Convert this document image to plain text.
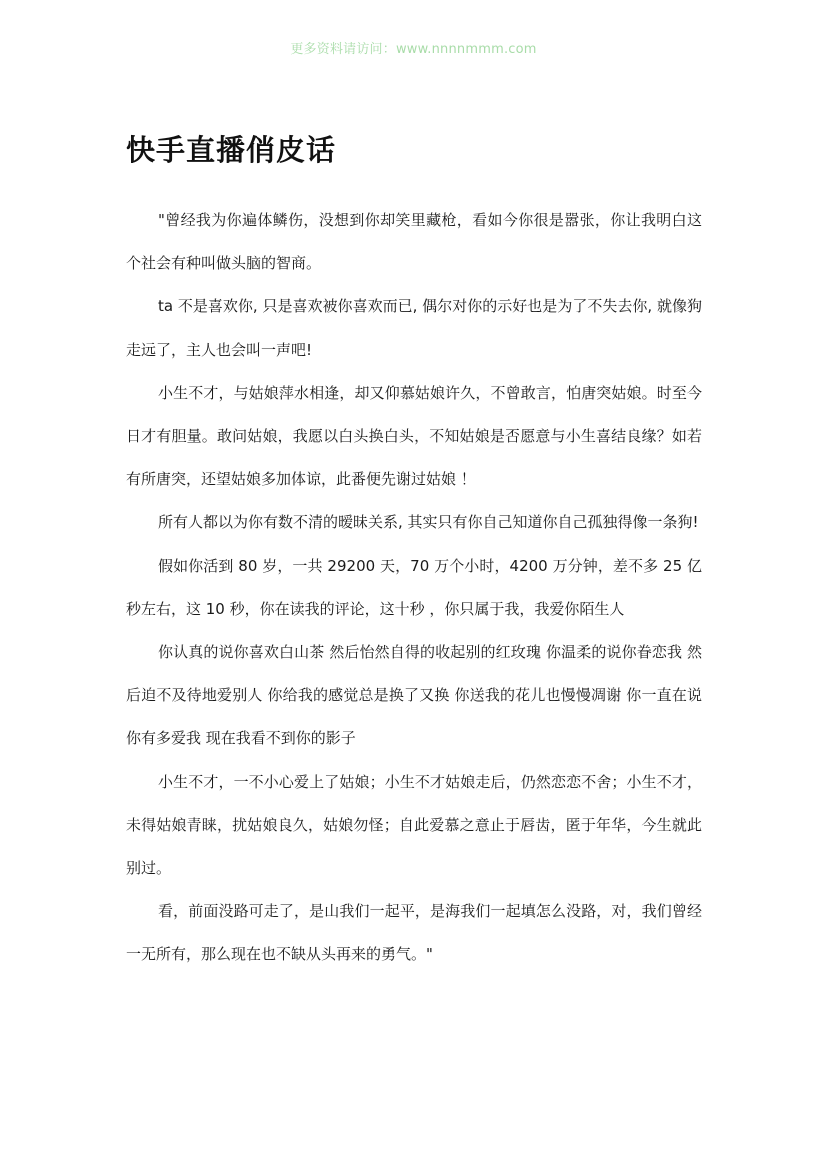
更多资料请访问：www.nnnnmmm.com
快手直播俏皮话

"曾经我为你遍体鳞伤，没想到你却笑里藏枪，看如今你很是嚣张，你让我明白这个社会有种叫做头脑的智商。

ta 不是喜欢你, 只是喜欢被你喜欢而已, 偶尔对你的示好也是为了不失去你, 就像狗走远了，主人也会叫一声吧!

小生不才，与姑娘萍水相逢，却又仰慕姑娘许久，不曾敢言，怕唐突姑娘。时至今日才有胆量。敢问姑娘，我愿以白头换白头，不知姑娘是否愿意与小生喜结良缘？如若有所唐突，还望姑娘多加体谅，此番便先谢过姑娘 ！

所有人都以为你有数不清的暧昧关系, 其实只有你自己知道你自己孤独得像一条狗!

假如你活到 80 岁，一共 29200 天，70 万个小时，4200 万分钟，差不多 25 亿秒左右，这 10 秒，你在读我的评论，这十秒 ，你只属于我，我爱你陌生人

你认真的说你喜欢白山茶 然后怡然自得的收起别的红玫瑰 你温柔的说你眷恋我 然后迫不及待地爱别人 你给我的感觉总是换了又换 你送我的花儿也慢慢凋谢 你一直在说你有多爱我 现在我看不到你的影子

小生不才，一不小心爱上了姑娘；小生不才姑娘走后，仍然恋恋不舍；小生不才，未得姑娘青睐，扰姑娘良久，姑娘勿怪；自此爱慕之意止于唇齿，匿于年华，今生就此别过。

看，前面没路可走了，是山我们一起平，是海我们一起填怎么没路，对，我们曾经一无所有，那么现在也不缺从头再来的勇气。"
